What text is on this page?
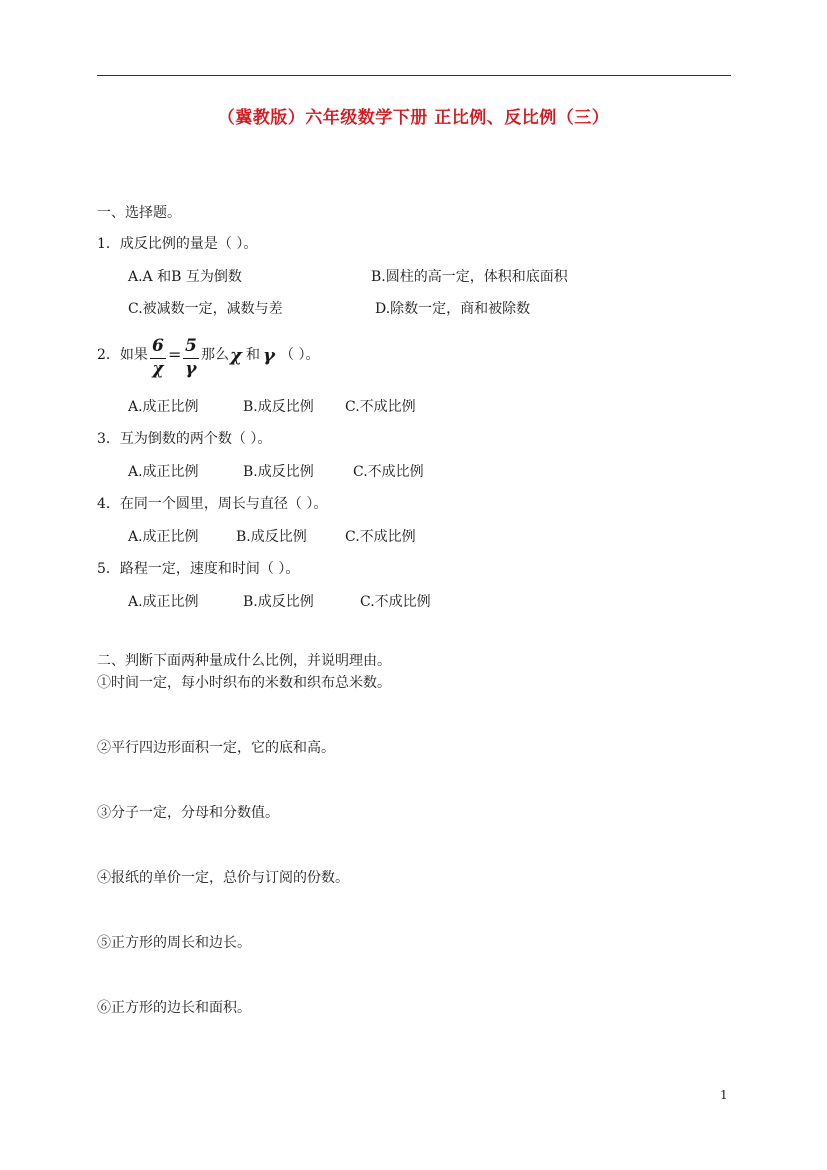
（冀教版）六年级数学下册 正比例、反比例（三）
一、选择题。
1．成反比例的量是（ ）。
A.A 和B 互为倒数	B.圆柱的高一定，体积和底面积
C.被减数一定，减数与差	D.除数一定，商和被除数
2．如果 6
χ
= 5
γ
那么 χ 和 γ （ ）。
A.成正比例	B.成反比例 C.不成比例
3．互为倒数的两个数（ ）。
A.成正比例	B.成反比例	C.不成比例
4．在同一个圆里，周长与直径（ ）。
A.成正比例	B.成反比例	C.不成比例
5．路程一定，速度和时间（ ）。
A.成正比例	B.成反比例	C.不成比例
二、判断下面两种量成什么比例，并说明理由。
①时间一定，每小时织布的米数和织布总米数。
②平行四边形面积一定，它的底和高。
③分子一定，分母和分数值。
④报纸的单价一定，总价与订阅的份数。
⑤正方形的周长和边长。
⑥正方形的边长和面积。
1
